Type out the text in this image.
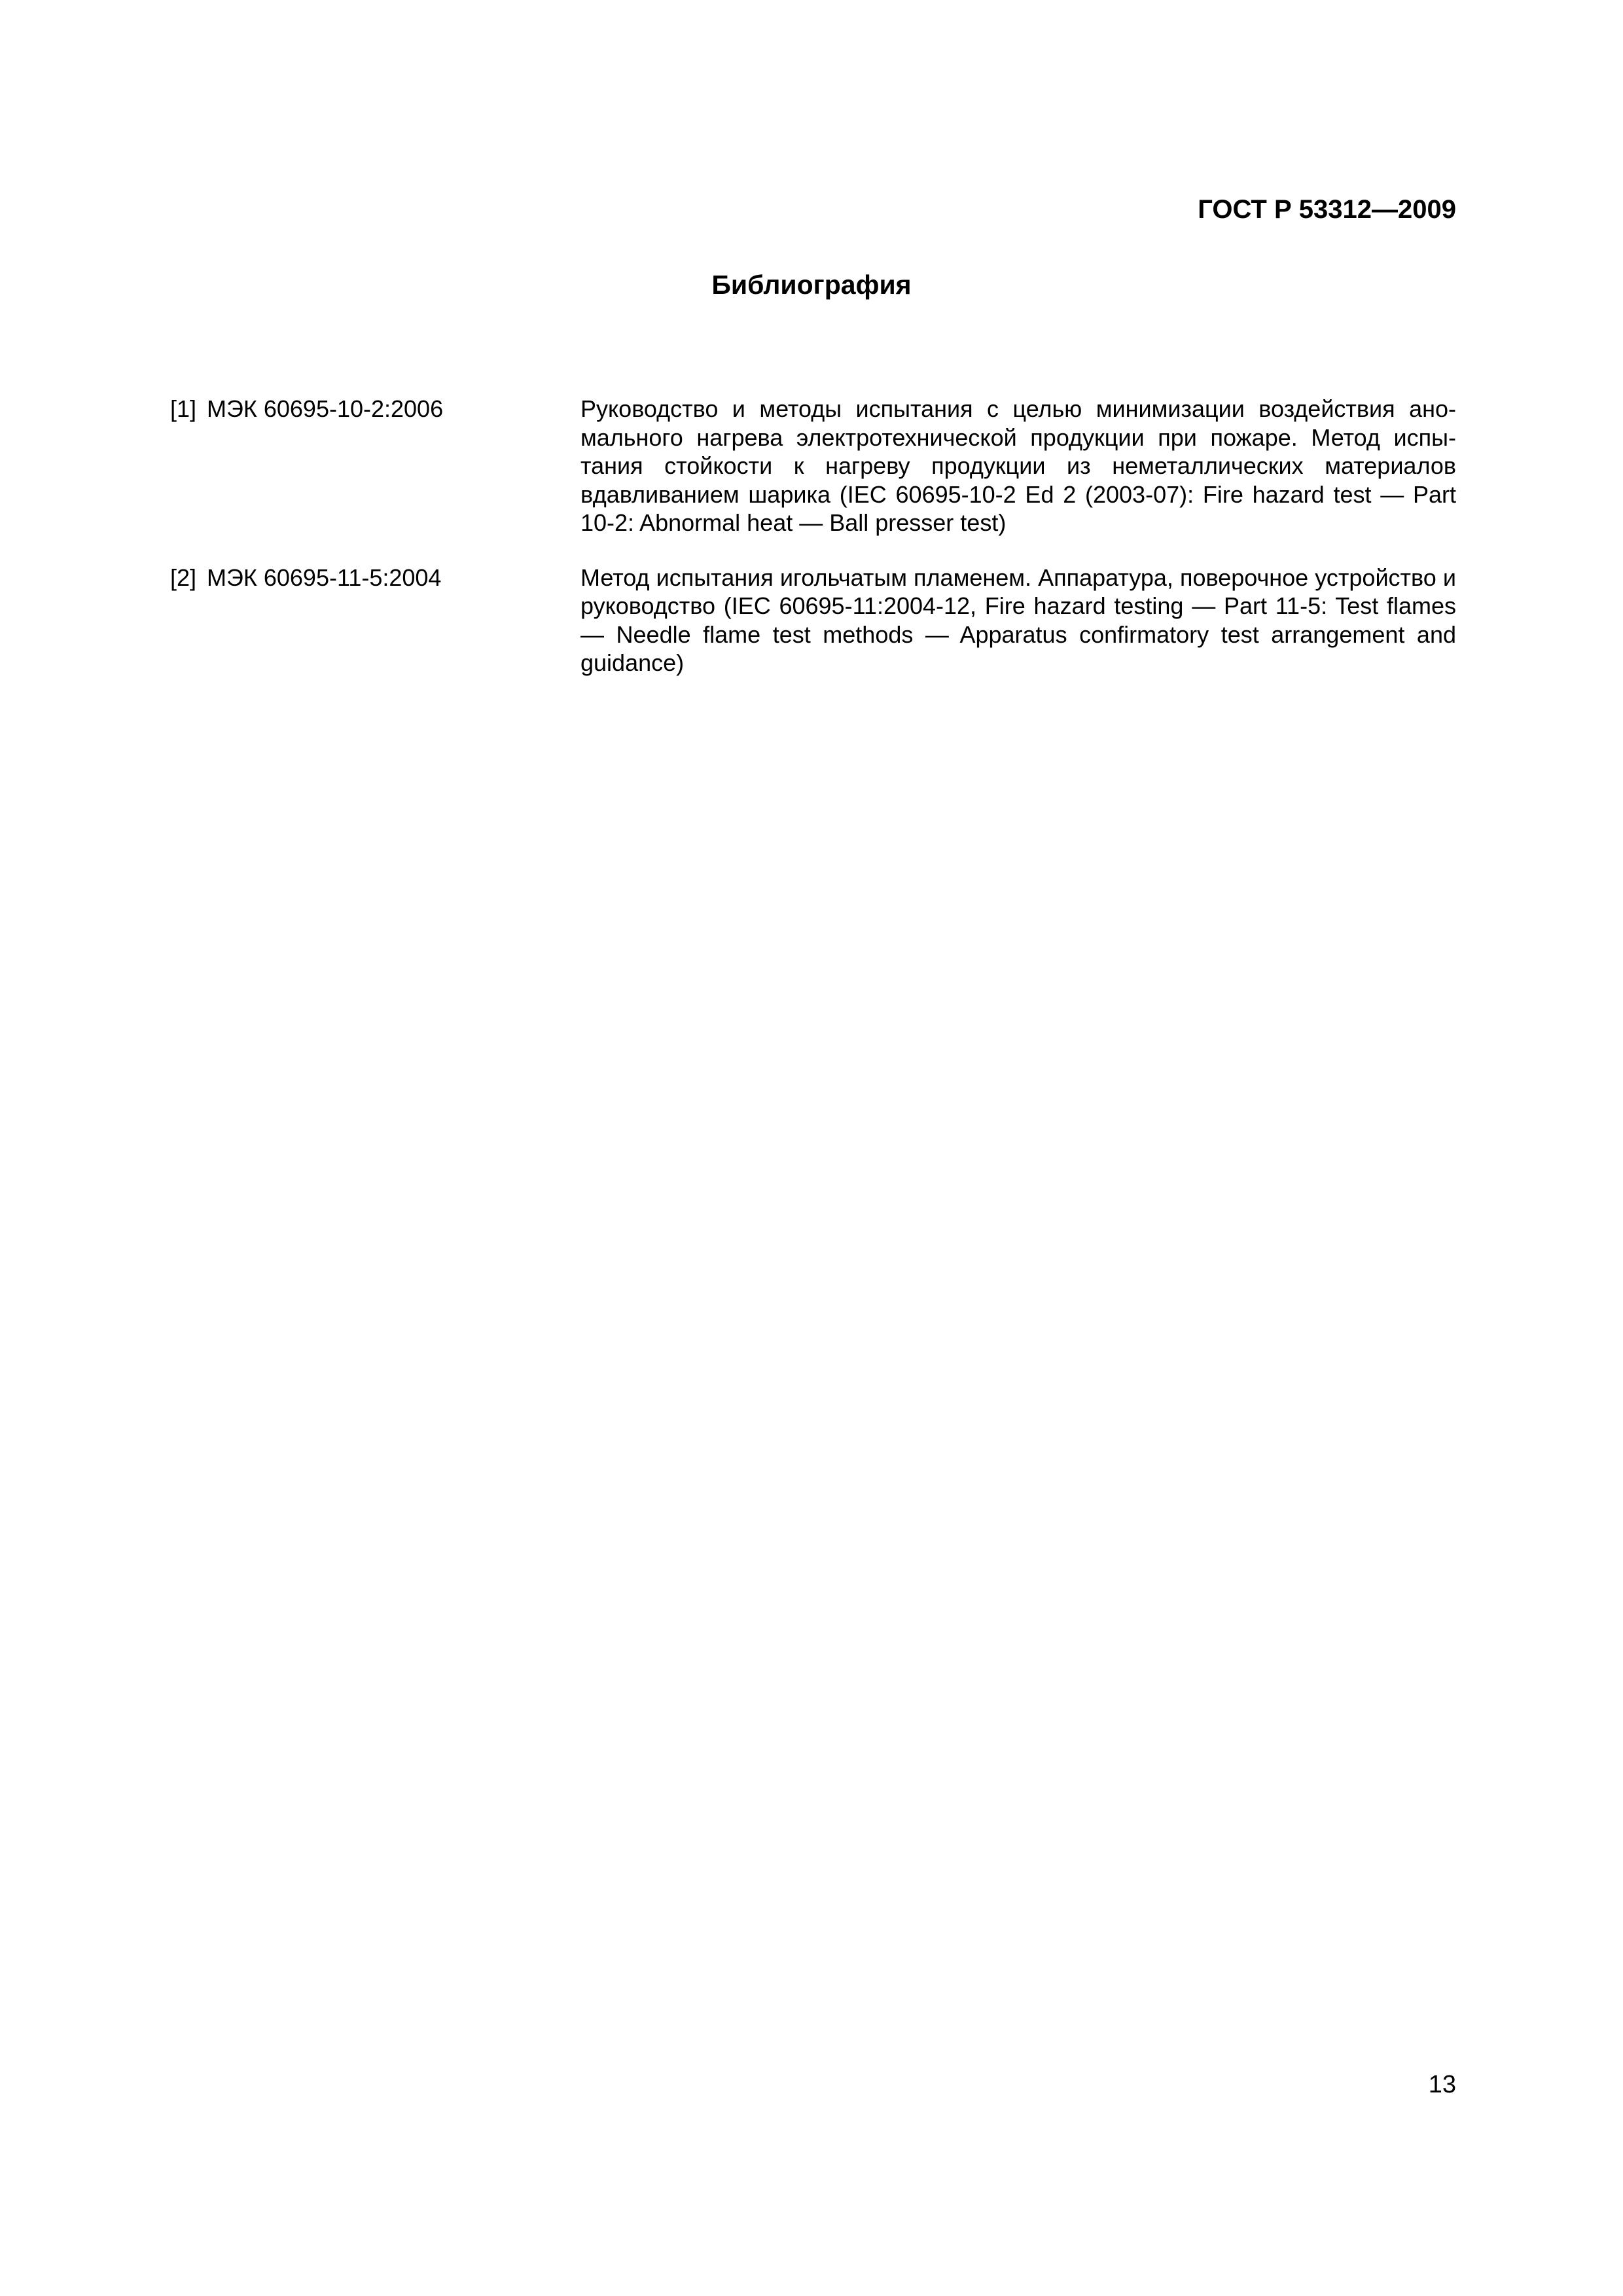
ГОСТ Р 53312—2009
Библиография
[1] МЭК 60695-10-2:2006	Руководство и методы испытания с целью минимизации воздействия аномального нагрева электротехнической продукции при пожаре. Метод испытания стойкости к нагреву продукции из неметаллических материалов вдавливанием шарика (IEC 60695-10-2 Ed 2 (2003-07): Fire hazard test — Part 10-2: Abnormal heat — Ball presser test)
[2] МЭК 60695-11-5:2004	Метод испытания игольчатым пламенем. Аппаратура, поверочное устройство и руководство (IEC 60695-11:2004-12, Fire hazard testing — Part 11-5: Test flames — Needle flame test methods — Apparatus confirmatory test arrangement and guidance)
13
